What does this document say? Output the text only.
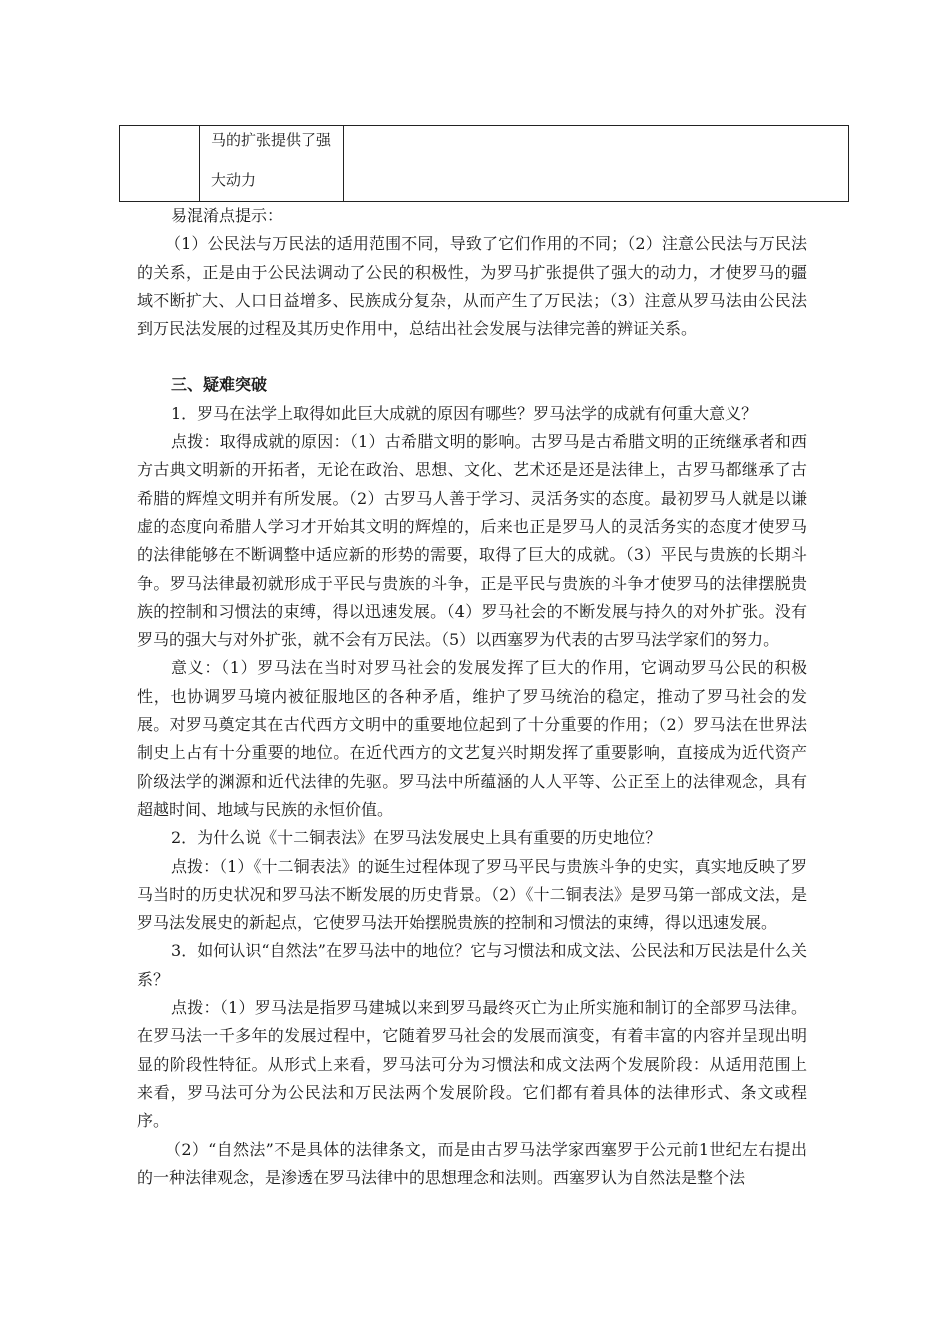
马的扩张提供了强
大动力

易混淆点提示：

（1）公民法与万民法的适用范围不同，导致了它们作用的不同；（2）注意公民法与万民法的关系，正是由于公民法调动了公民的积极性，为罗马扩张提供了强大的动力，才使罗马的疆域不断扩大、人口日益增多、民族成分复杂，从而产生了万民法；（3）注意从罗马法由公民法到万民法发展的过程及其历史作用中，总结出社会发展与法律完善的辨证关系。

三、疑难突破

1．罗马在法学上取得如此巨大成就的原因有哪些？罗马法学的成就有何重大意义？

点拨：取得成就的原因：（1）古希腊文明的影响。古罗马是古希腊文明的正统继承者和西方古典文明新的开拓者，无论在政治、思想、文化、艺术还是还是法律上，古罗马都继承了古希腊的辉煌文明并有所发展。（2）古罗马人善于学习、灵活务实的态度。最初罗马人就是以谦虚的态度向希腊人学习才开始其文明的辉煌的，后来也正是罗马人的灵活务实的态度才使罗马的法律能够在不断调整中适应新的形势的需要，取得了巨大的成就。（3）平民与贵族的长期斗争。罗马法律最初就形成于平民与贵族的斗争，正是平民与贵族的斗争才使罗马的法律摆脱贵族的控制和习惯法的束缚，得以迅速发展。（4）罗马社会的不断发展与持久的对外扩张。没有罗马的强大与对外扩张，就不会有万民法。（5）以西塞罗为代表的古罗马法学家们的努力。

意义：（1）罗马法在当时对罗马社会的发展发挥了巨大的作用，它调动罗马公民的积极性，也协调罗马境内被征服地区的各种矛盾，维护了罗马统治的稳定，推动了罗马社会的发展。对罗马奠定其在古代西方文明中的重要地位起到了十分重要的作用；（2）罗马法在世界法制史上占有十分重要的地位。在近代西方的文艺复兴时期发挥了重要影响，直接成为近代资产阶级法学的渊源和近代法律的先驱。罗马法中所蕴涵的人人平等、公正至上的法律观念，具有超越时间、地域与民族的永恒价值。

2．为什么说《十二铜表法》在罗马法发展史上具有重要的历史地位？

点拨：（1）《十二铜表法》的诞生过程体现了罗马平民与贵族斗争的史实，真实地反映了罗马当时的历史状况和罗马法不断发展的历史背景。（2）《十二铜表法》是罗马第一部成文法，是罗马法发展史的新起点，它使罗马法开始摆脱贵族的控制和习惯法的束缚，得以迅速发展。

3．如何认识“自然法”在罗马法中的地位？它与习惯法和成文法、公民法和万民法是什么关系？

点拨：（1）罗马法是指罗马建城以来到罗马最终灭亡为止所实施和制订的全部罗马法律。在罗马法一千多年的发展过程中，它随着罗马社会的发展而演变，有着丰富的内容并呈现出明显的阶段性特征。从形式上来看，罗马法可分为习惯法和成文法两个发展阶段：从适用范围上来看，罗马法可分为公民法和万民法两个发展阶段。它们都有着具体的法律形式、条文或程序。

（2）“自然法”不是具体的法律条文，而是由古罗马法学家西塞罗于公元前1世纪左右提出的一种法律观念，是渗透在罗马法律中的思想理念和法则。西塞罗认为自然法是整个法
